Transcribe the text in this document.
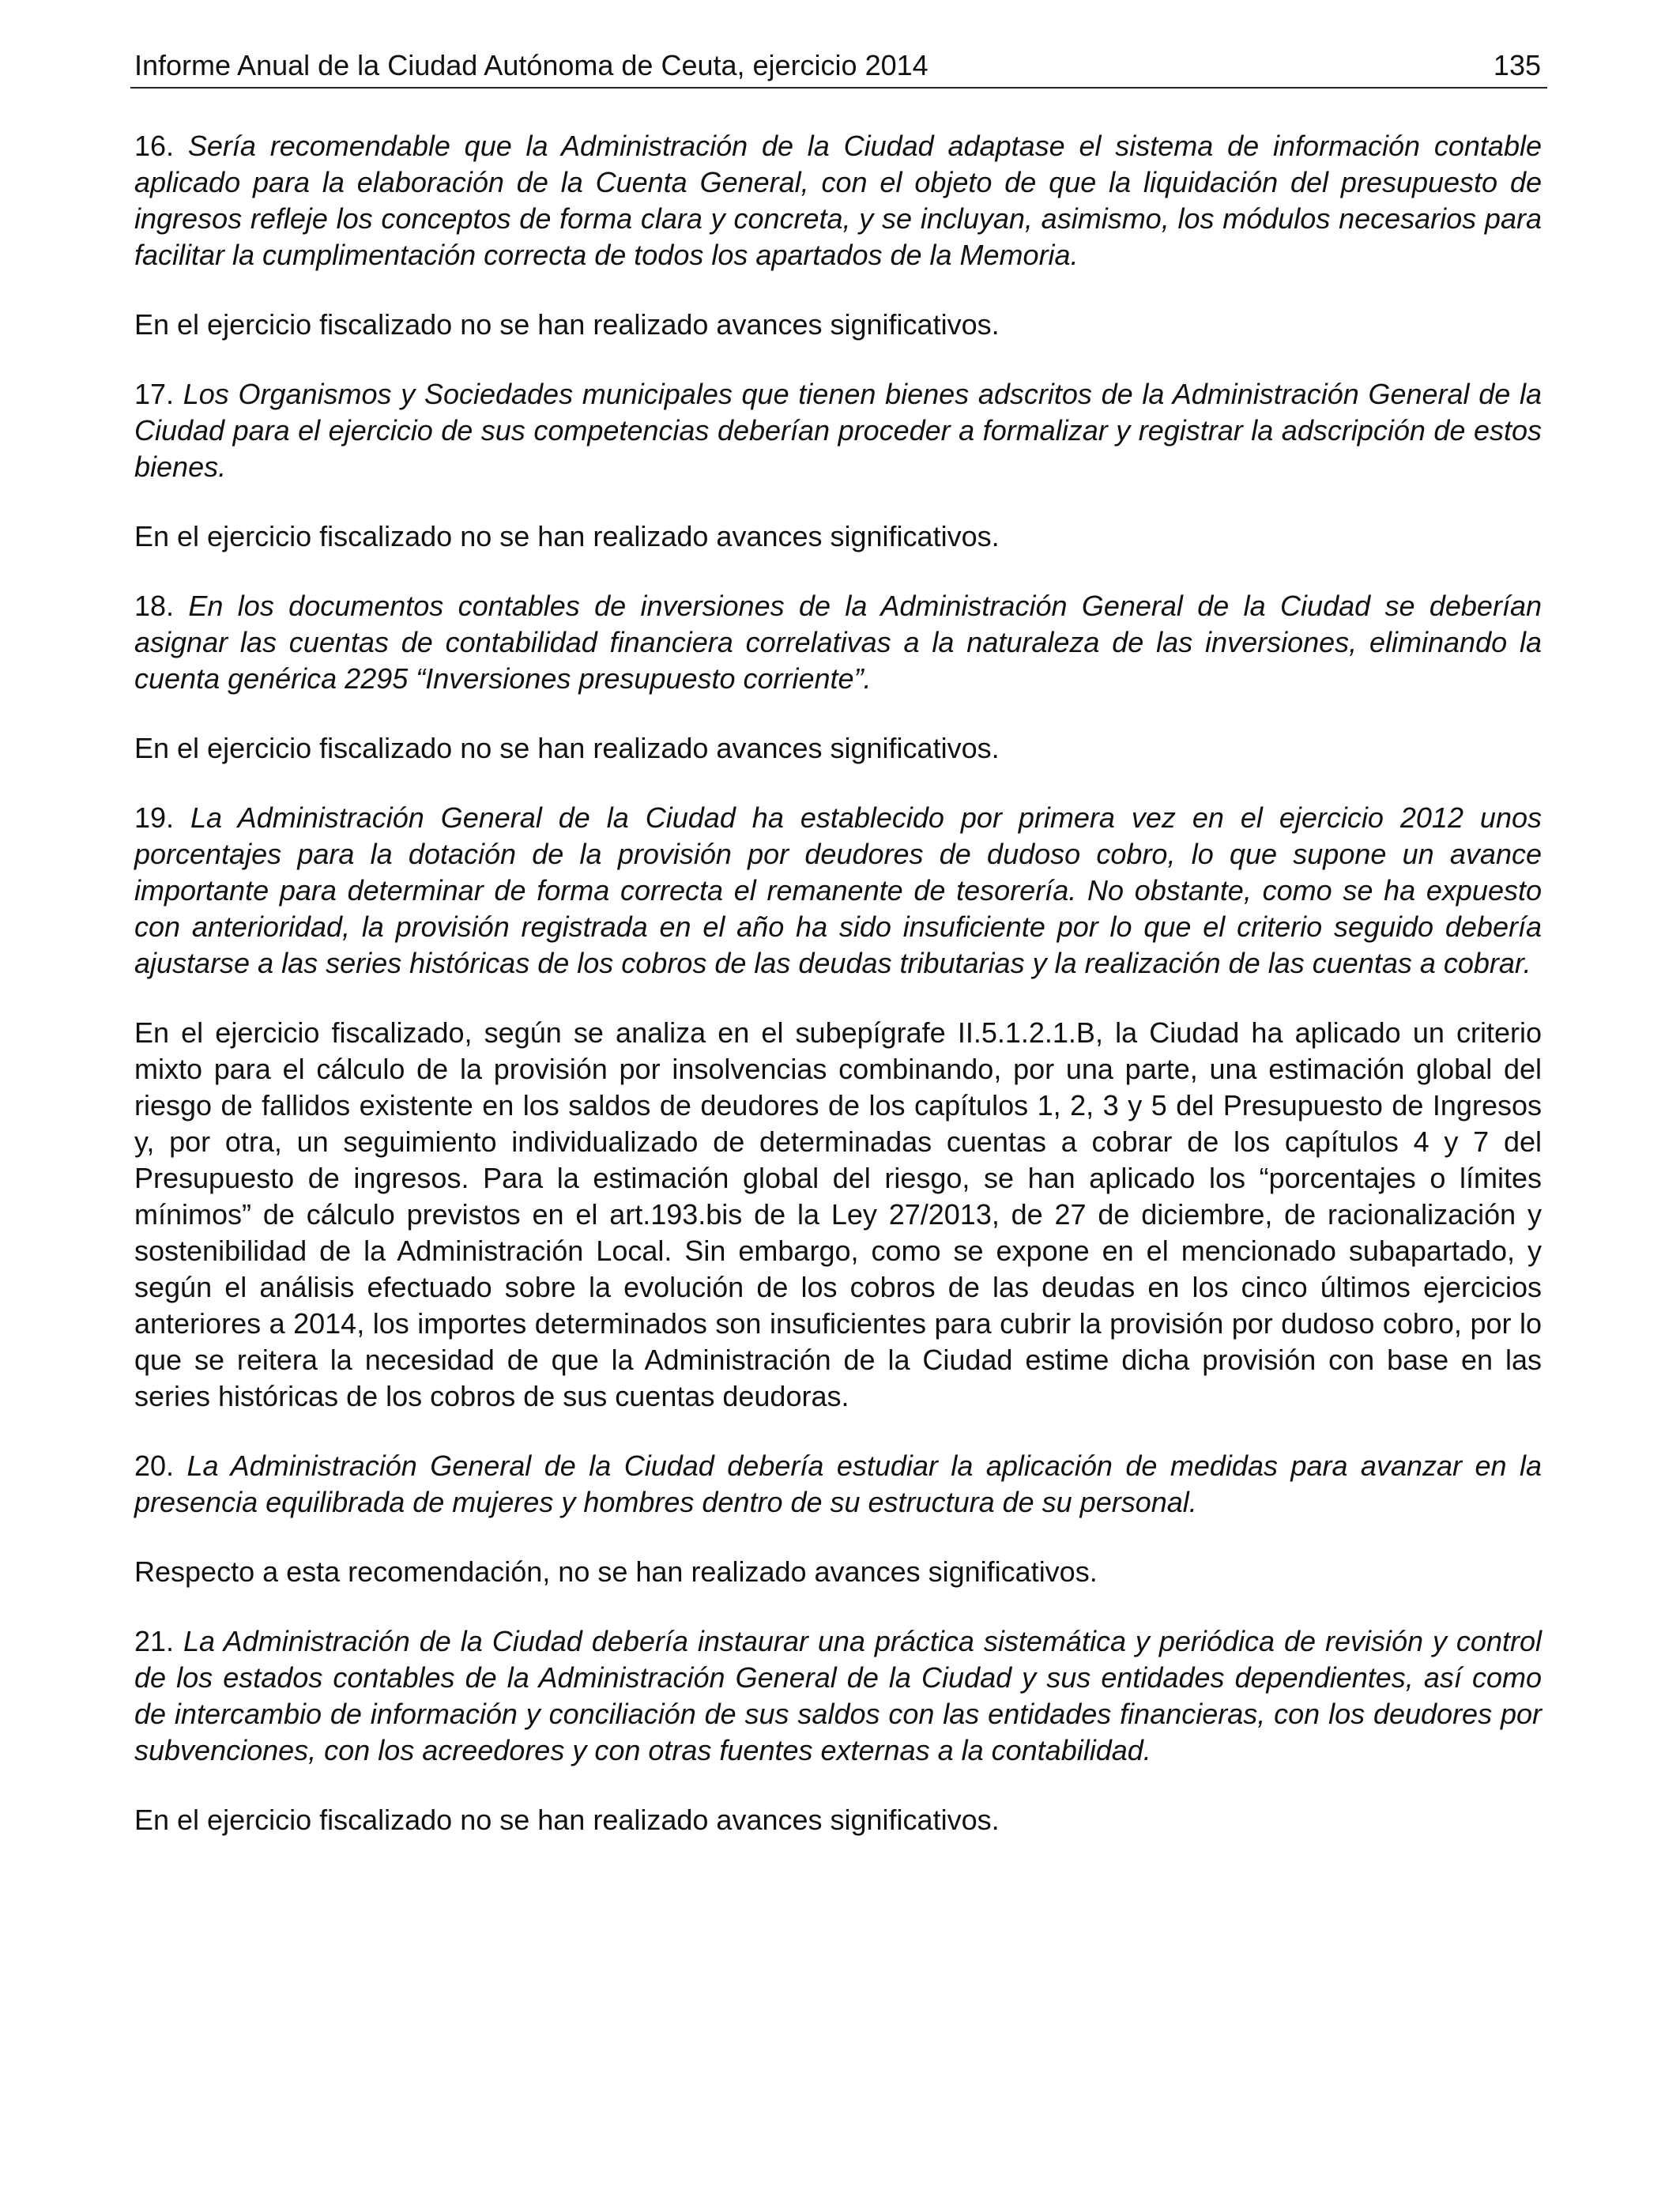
Informe Anual de la Ciudad Autónoma de Ceuta, ejercicio 2014	135

16. Sería recomendable que la Administración de la Ciudad adaptase el sistema de información contable aplicado para la elaboración de la Cuenta General, con el objeto de que la liquidación del presupuesto de ingresos refleje los conceptos de forma clara y concreta, y se incluyan, asimismo, los módulos necesarios para facilitar la cumplimentación correcta de todos los apartados de la Memoria.

En el ejercicio fiscalizado no se han realizado avances significativos.

17. Los Organismos y Sociedades municipales que tienen bienes adscritos de la Administración General de la Ciudad para el ejercicio de sus competencias deberían proceder a formalizar y registrar la adscripción de estos bienes.

En el ejercicio fiscalizado no se han realizado avances significativos.

18. En los documentos contables de inversiones de la Administración General de la Ciudad se deberían asignar las cuentas de contabilidad financiera correlativas a la naturaleza de las inversiones, eliminando la cuenta genérica 2295 “Inversiones presupuesto corriente”.

En el ejercicio fiscalizado no se han realizado avances significativos.

19. La Administración General de la Ciudad ha establecido por primera vez en el ejercicio 2012 unos porcentajes para la dotación de la provisión por deudores de dudoso cobro, lo que supone un avance importante para determinar de forma correcta el remanente de tesorería. No obstante, como se ha expuesto con anterioridad, la provisión registrada en el año ha sido insuficiente por lo que el criterio seguido debería ajustarse a las series históricas de los cobros de las deudas tributarias y la realización de las cuentas a cobrar.

En el ejercicio fiscalizado, según se analiza en el subepígrafe II.5.1.2.1.B, la Ciudad ha aplicado un criterio mixto para el cálculo de la provisión por insolvencias combinando, por una parte, una estimación global del riesgo de fallidos existente en los saldos de deudores de los capítulos 1, 2, 3 y 5 del Presupuesto de Ingresos y, por otra, un seguimiento individualizado de determinadas cuentas a cobrar de los capítulos 4 y 7 del Presupuesto de ingresos. Para la estimación global del riesgo, se han aplicado los “porcentajes o límites mínimos” de cálculo previstos en el art.193.bis de la Ley 27/2013, de 27 de diciembre, de racionalización y sostenibilidad de la Administración Local. Sin embargo, como se expone en el mencionado subapartado, y según el análisis efectuado sobre la evolución de los cobros de las deudas en los cinco últimos ejercicios anteriores a 2014, los importes determinados son insuficientes para cubrir la provisión por dudoso cobro, por lo que se reitera la necesidad de que la Administración de la Ciudad estime dicha provisión con base en las series históricas de los cobros de sus cuentas deudoras.

20. La Administración General de la Ciudad debería estudiar la aplicación de medidas para avanzar en la presencia equilibrada de mujeres y hombres dentro de su estructura de su personal.

Respecto a esta recomendación, no se han realizado avances significativos.

21. La Administración de la Ciudad debería instaurar una práctica sistemática y periódica de revisión y control de los estados contables de la Administración General de la Ciudad y sus entidades dependientes, así como de intercambio de información y conciliación de sus saldos con las entidades financieras, con los deudores por subvenciones, con los acreedores y con otras fuentes externas a la contabilidad.

En el ejercicio fiscalizado no se han realizado avances significativos.
